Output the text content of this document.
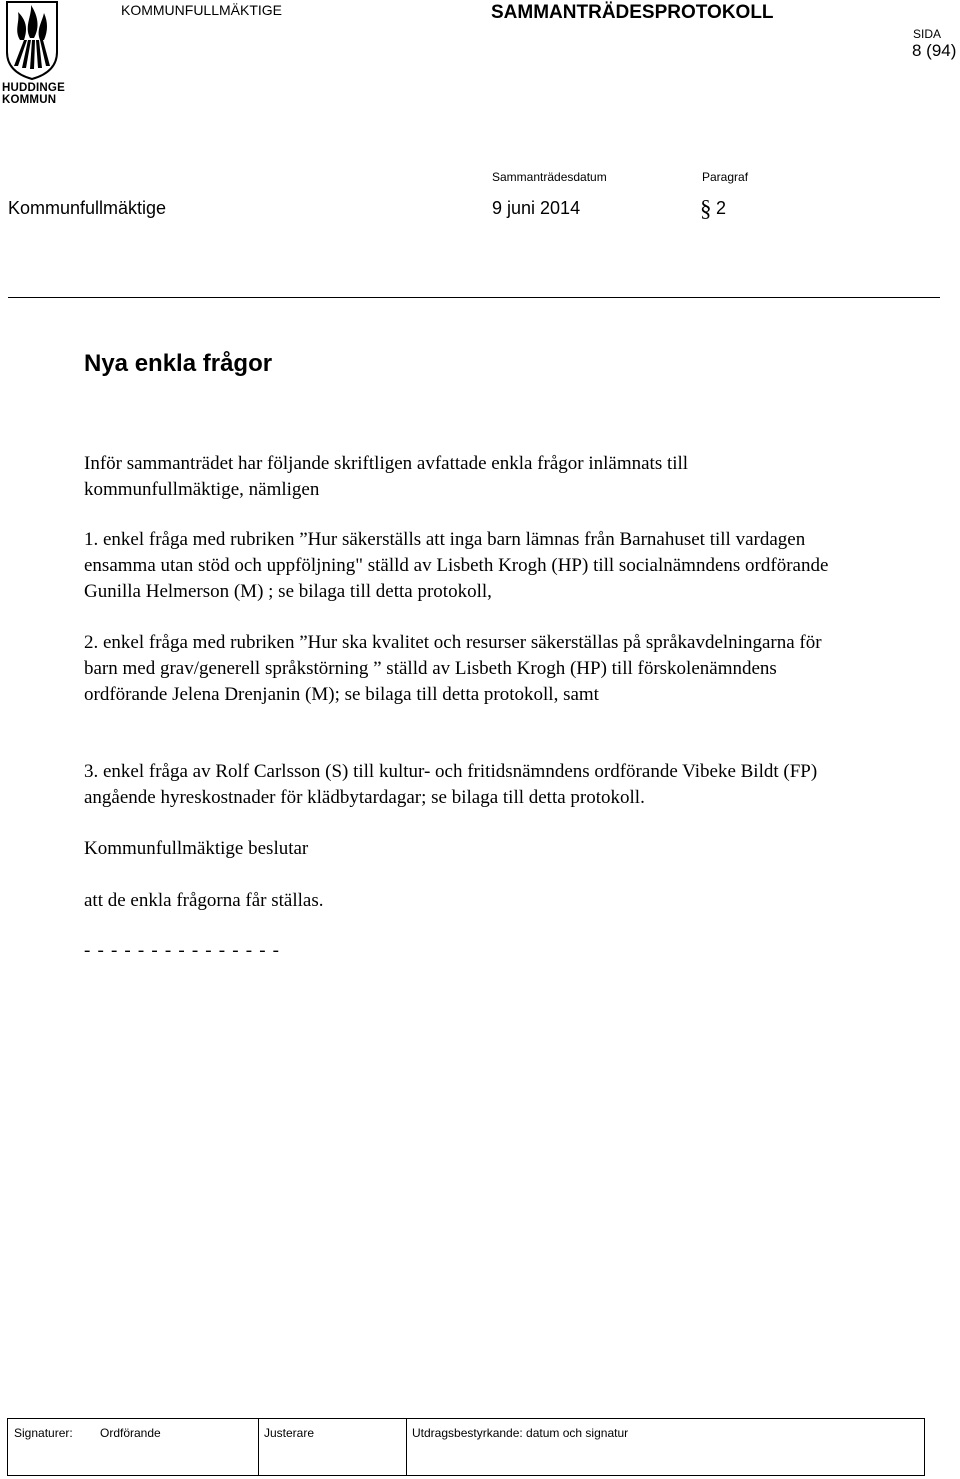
HUDDINGE
KOMMUN
KOMMUNFULLMÄKTIGE	SAMMANTRÄDESPROTOKOLL
SIDA
8 (94)
Sammanträdesdatum	Paragraf
Kommunfullmäktige	9 juni 2014	§ 2
Nya enkla frågor
Inför sammanträdet har följande skriftligen avfattade enkla frågor inlämnats till kommunfullmäktige, nämligen
1. enkel fråga med rubriken ”Hur säkerställs att inga barn lämnas från Barnahuset till vardagen ensamma utan stöd och uppföljning" ställd av Lisbeth Krogh (HP) till socialnämndens ordförande Gunilla Helmerson (M) ; se bilaga till detta protokoll,
2. enkel fråga med rubriken ”Hur ska kvalitet och resurser säkerställas på språkavdelningarna för barn med grav/generell språkstörning ” ställd av Lisbeth Krogh (HP) till förskolenämndens ordförande Jelena Drenjanin (M); se bilaga till detta protokoll, samt
3. enkel fråga av Rolf Carlsson (S) till kultur- och fritidsnämndens ordförande Vibeke Bildt (FP) angående hyreskostnader för klädbytardagar; se bilaga till detta protokoll.
Kommunfullmäktige beslutar
att de enkla frågorna får ställas.
- - - - - - - - - - - - - - -
Signaturer: Ordförande	Justerare	Utdragsbestyrkande: datum och signatur
